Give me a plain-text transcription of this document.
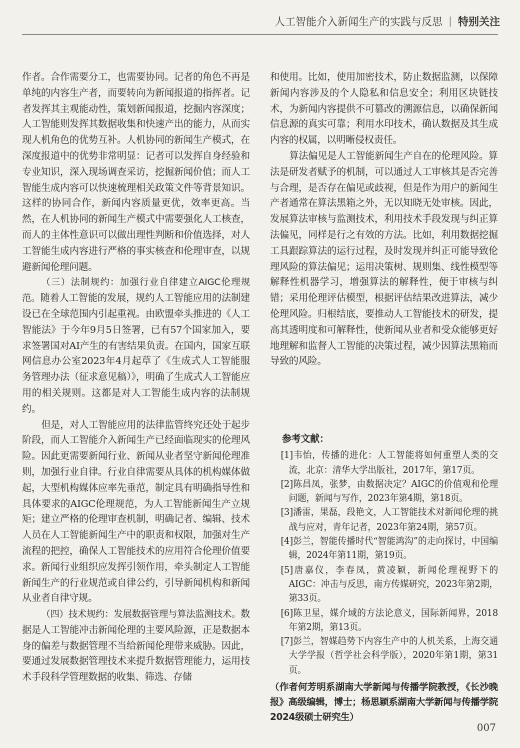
人工智能介入新闻生产的实践与反思 | 特别关注

作者。合作需要分工，也需要协同。记者的角色不再是单纯的内容生产者，而要转向为新闻报道的指挥者。记者发挥其主观能动性，策划新闻报道，挖掘内容深度；人工智能则发挥其数据收集和快速产出的能力，从而实现人机角色的优势互补。人机协同的新闻生产模式，在深度报道中的优势非常明显：记者可以发挥自身经验和专业知识，深入现场调查采访，挖掘新闻价值；而人工智能生成内容可以快速梳理相关政策文件等背景知识。这样的协同合作，新闻内容质量更优，效率更高。当然，在人机协同的新闻生产模式中需要强化人工核查，而人的主体性意识可以做出理性判断和价值选择，对人工智能生成内容进行严格的事实核查和伦理审查，以规避新闻伦理问题。

（三）法制规约：加强行业自律建立AIGC伦理规范。随着人工智能的发展，规约人工智能应用的法制建设已在全球范围内引起重视。由欧盟牵头推进的《人工智能法》于今年9月5日签署，已有57个国家加入，要求签署国对AI产生的有害结果负责。在国内，国家互联网信息办公室2023年4月起草了《生成式人工智能服务管理办法（征求意见稿）》，明确了生成式人工智能应用的相关规则。这都是对人工智能生成内容的法制规约。

但是，对人工智能应用的法律监管终究还处于起步阶段，而人工智能介入新闻生产已经面临现实的伦理风险。因此更需要新闻行业、新闻从业者坚守新闻伦理准则，加强行业自律。行业自律需要从具体的机构媒体做起，大型机构媒体应率先垂范，制定具有明确指导性和具体要求的AIGC伦理规范，为人工智能新闻生产立规矩；建立严格的伦理审查机制，明确记者、编辑、技术人员在人工智能新闻生产中的职责和权限，加强对生产流程的把控，确保人工智能技术的应用符合伦理价值要求。新闻行业组织应发挥引领作用，牵头制定人工智能新闻生产的行业规范或自律公约，引导新闻机构和新闻从业者自律守规。

（四）技术规约：发展数据管理与算法监测技术。数据是人工智能冲击新闻伦理的主要风险源，正是数据本身的偏差与数据管理不当给新闻伦理带来威胁。因此，要通过发展数据管理技术来提升数据管理能力，运用技术手段科学管理数据的收集、筛选、存储

和使用。比如，使用加密技术，防止数据监测，以保障新闻内容涉及的个人隐私和信息安全；利用区块链技术，为新闻内容提供不可篡改的溯源信息，以确保新闻信息源的真实可靠；利用水印技术，确认数据及其生成内容的权属，以明晰侵权责任。

算法偏见是人工智能新闻生产自在的伦理风险。算法是研发者赋予的机制，可以通过人工审核其是否完善与合理，是否存在偏见或歧视，但是作为用户的新闻生产者通常在算法黑箱之外，无以知晓无处审核。因此，发展算法审核与监测技术，利用技术手段发现与纠正算法偏见，同样是行之有效的方法。比如，利用数据挖掘工具跟踪算法的运行过程，及时发现并纠正可能导致伦理风险的算法偏见；运用决策树、规则集、线性模型等解释性机器学习，增强算法的解释性，便于审核与纠错；采用伦理评估模型，根据评估结果改进算法，减少伦理风险。归根结底，要推动人工智能技术的研发，提高其透明度和可解释性，使新闻从业者和受众能够更好地理解和监督人工智能的决策过程，减少因算法黑箱而导致的风险。

参考文献：

[1]韦怡，传播的进化：人工智能将如何重塑人类的交流，北京：清华大学出版社，2017年，第17页。

[2]陈昌凤，张梦，由数据决定？AIGC的价值观和伦理问题，新闻与写作，2023年第4期，第18页。

[3]潘雷，果磊，段艳文，人工智能技术对新闻伦理的挑战与应对，青年记者，2023年第24期，第57页。

[4]彭兰，智能传播时代“智能鸿沟”的走向探讨，中国编辑，2024年第11期，第19页。

[5]唐嘉仪，李春凤，黄凌颖，新闻伦理视野下的AIGC：冲击与反思，南方传媒研究，2023年第2期，第33页。

[6]陈卫星，媒介域的方法论意义，国际新闻界，2018年第2期，第13页。

[7]彭兰，智媒趋势下内容生产中的人机关系，上海交通大学学报（哲学社会科学版），2020年第1期，第31页。

（作者何芳明系湖南大学新闻与传播学院教授，《长沙晚报》高级编辑，博士；杨思颖系湖南大学新闻与传播学院2024级硕士研究生）
007
